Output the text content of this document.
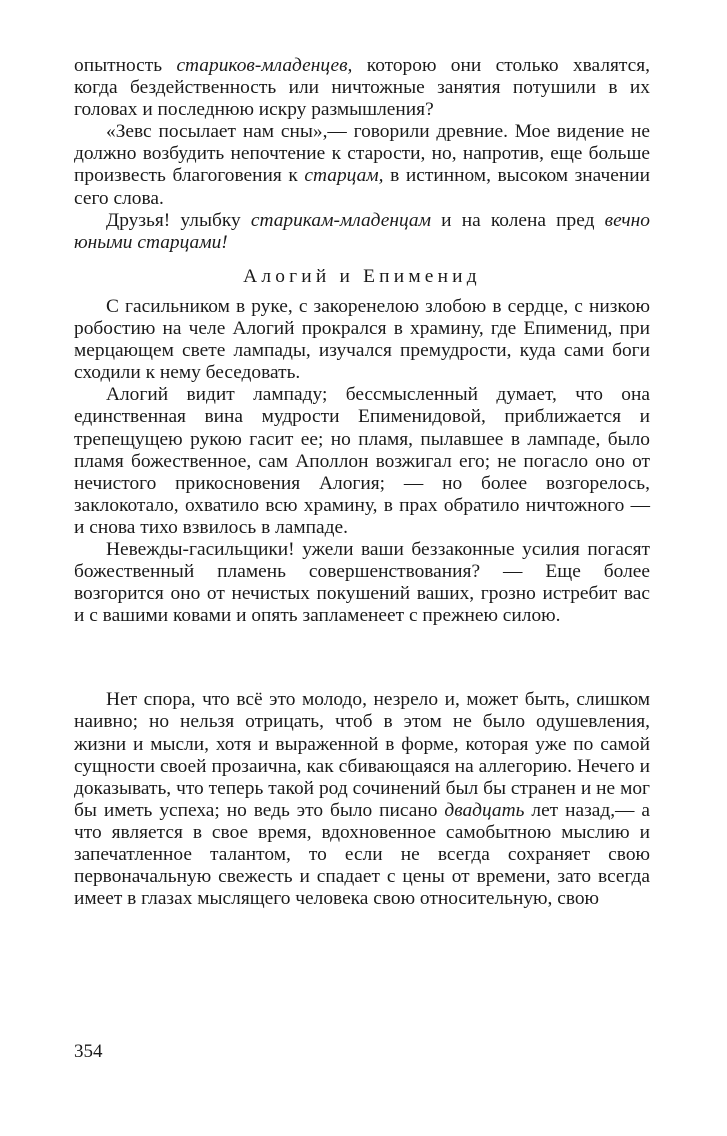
опытность стариков-младенцев, которою они столько хвалятся, когда бездейственность или ничтожные занятия потушили в их головах и последнюю искру размышления?

«Зевс посылает нам сны»,— говорили древние. Мое видение не должно возбудить непочтение к старости, но, напротив, еще больше произвесть благоговения к старцам, в истинном, высоком значении сего слова.

Друзья! улыбку старикам-младенцам и на колена пред вечно юными старцами!

Алогий и Епименид

С гасильником в руке, с закоренелою злобою в сердце, с низкою робостию на челе Алогий прокрался в храмину, где Епименид, при мерцающем свете лампады, изучался премудрости, куда сами боги сходили к нему беседовать.

Алогий видит лампаду; бессмысленный думает, что она единственная вина мудрости Епименидовой, приближается и трепещущею рукою гасит ее; но пламя, пылавшее в лампаде, было пламя божественное, сам Аполлон возжигал его; не погасло оно от нечистого прикосновения Алогия; — но более возгорелось, заклокотало, охватило всю храмину, в прах обратило ничтожного — и снова тихо взвилось в лампаде.

Невежды-гасильщики! ужели ваши беззаконные усилия погасят божественный пламень совершенствования? — Еще более возгорится оно от нечистых покушений ваших, грозно истребит вас и с вашими ковами и опять запламенеет с прежнею силою.

Нет спора, что всё это молодо, незрело и, может быть, слишком наивно; но нельзя отрицать, чтоб в этом не было одушевления, жизни и мысли, хотя и выраженной в форме, которая уже по самой сущности своей прозаична, как сбивающаяся на аллегорию. Нечего и доказывать, что теперь такой род сочинений был бы странен и не мог бы иметь успеха; но ведь это было писано двадцать лет назад,— а что является в свое время, вдохновенное самобытною мыслию и запечатленное талантом, то если не всегда сохраняет свою первоначальную свежесть и спадает с цены от времени, зато всегда имеет в глазах мыслящего человека свою относительную, свою

354
